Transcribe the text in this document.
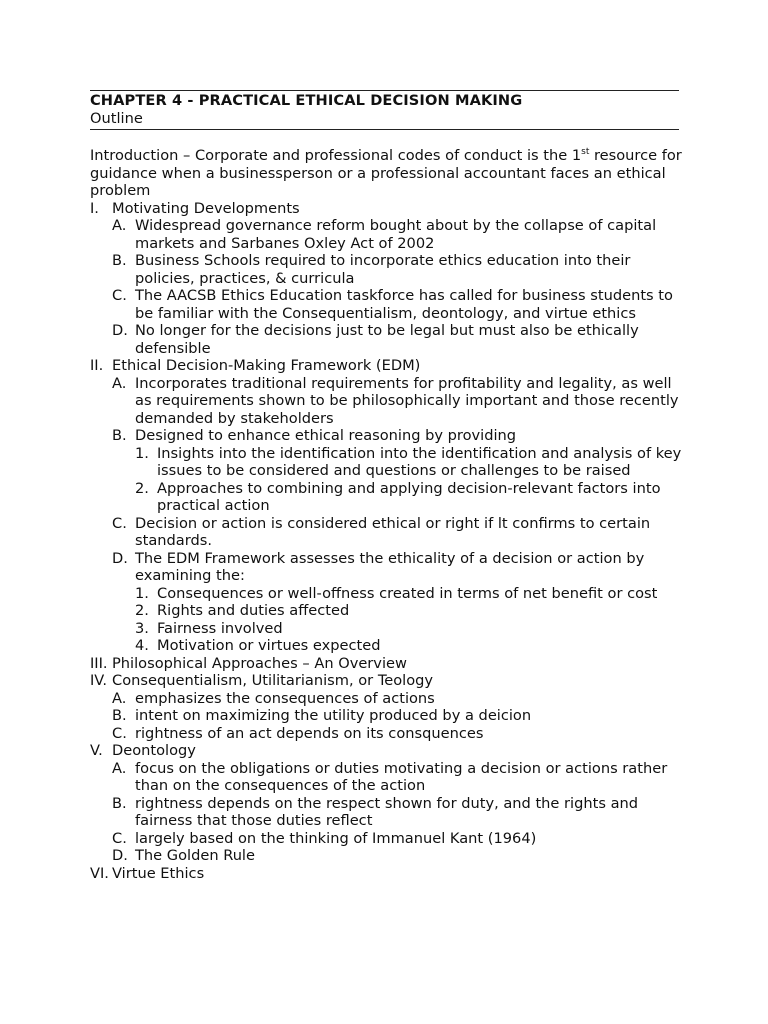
CHAPTER 4 - PRACTICAL ETHICAL DECISION MAKING
Outline

Introduction – Corporate and professional codes of conduct is the 1st resource for guidance when a businessperson or a professional accountant faces an ethical problem

I. Motivating Developments
A. Widespread governance reform bought about by the collapse of capital markets and Sarbanes Oxley Act of 2002
B. Business Schools required to incorporate ethics education into their policies, practices, & curricula
C. The AACSB Ethics Education taskforce has called for business students to be familiar with the Consequentialism, deontology, and virtue ethics
D. No longer for the decisions just to be legal but must also be ethically defensible
II. Ethical Decision-Making Framework (EDM)
A. Incorporates traditional requirements for profitability and legality, as well as requirements shown to be philosophically important and those recently demanded by stakeholders
B. Designed to enhance ethical reasoning by providing
1. Insights into the identification into the identification and analysis of key issues to be considered and questions or challenges to be raised
2. Approaches to combining and applying decision-relevant factors into practical action
C. Decision or action is considered ethical or right if lt confirms to certain standards.
D. The EDM Framework assesses the ethicality of a decision or action by examining the:
1. Consequences or well-offness created in terms of net benefit or cost
2. Rights and duties affected
3. Fairness involved
4. Motivation or virtues expected
III. Philosophical Approaches – An Overview
IV. Consequentialism, Utilitarianism, or Teology
A. emphasizes the consequences of actions
B. intent on maximizing the utility produced by a deicion
C. rightness of an act depends on its consquences
V. Deontology
A. focus on the obligations or duties motivating a decision or actions rather than on the consequences of the action
B. rightness depends on the respect shown for duty, and the rights and fairness that those duties reflect
C. largely based on the thinking of Immanuel Kant (1964)
D. The Golden Rule
VI. Virtue Ethics
